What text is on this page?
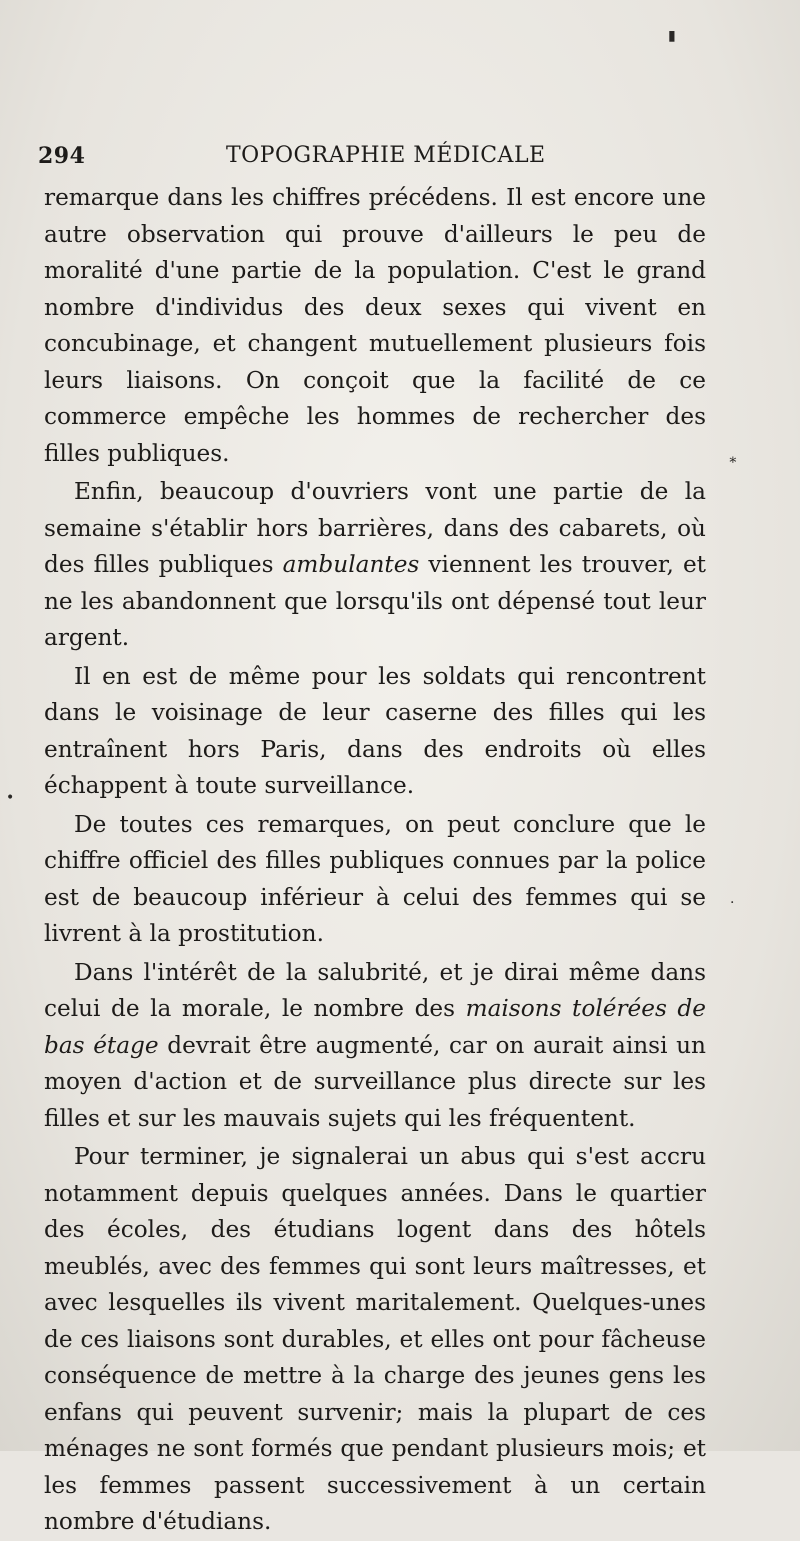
294	TOPOGRAPHIE MÉDICALE

remarque dans les chiffres précédens. Il est encore une autre observation qui prouve d'ailleurs le peu de moralité d'une partie de la population. C'est le grand nombre d'individus des deux sexes qui vivent en concubinage, et changent mutuellement plusieurs fois leurs liaisons. On conçoit que la facilité de ce commerce empêche les hommes de rechercher des filles publiques.

Enfin, beaucoup d'ouvriers vont une partie de la semaine s'établir hors barrières, dans des cabarets, où des filles publiques ambulantes viennent les trouver, et ne les abandonnent que lorsqu'ils ont dépensé tout leur argent.

Il en est de même pour les soldats qui rencontrent dans le voisinage de leur caserne des filles qui les entraînent hors Paris, dans des endroits où elles échappent à toute surveillance.

De toutes ces remarques, on peut conclure que le chiffre officiel des filles publiques connues par la police est de beaucoup inférieur à celui des femmes qui se livrent à la prostitution.

Dans l'intérêt de la salubrité, et je dirai même dans celui de la morale, le nombre des maisons tolérées de bas étage devrait être augmenté, car on aurait ainsi un moyen d'action et de surveillance plus directe sur les filles et sur les mauvais sujets qui les fréquentent.

Pour terminer, je signalerai un abus qui s'est accru notamment depuis quelques années. Dans le quartier des écoles, des étudians logent dans des hôtels meublés, avec des femmes qui sont leurs maîtresses, et avec lesquelles ils vivent maritalement. Quelques-unes de ces liaisons sont durables, et elles ont pour fâcheuse conséquence de mettre à la charge des jeunes gens les enfans qui peuvent survenir; mais la plupart de ces ménages ne sont formés que pendant plusieurs mois; et les femmes passent successivement à un certain nombre d'étudians.

▮
∗
•
·
